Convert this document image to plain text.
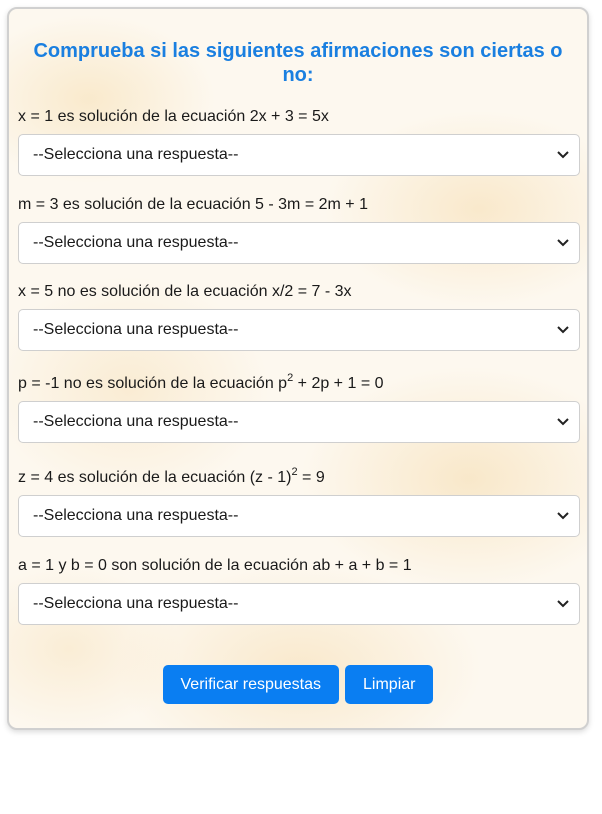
Comprueba si las siguientes afirmaciones son ciertas o no:

x = 1 es solución de la ecuación 2x + 3 = 5x

--Selecciona una respuesta--

m = 3 es solución de la ecuación 5 - 3m = 2m + 1

--Selecciona una respuesta--

x = 5 no es solución de la ecuación x/2 = 7 - 3x

--Selecciona una respuesta--

p = -1 no es solución de la ecuación $p^2 + 2p + 1 = 0$

--Selecciona una respuesta--

z = 4 es solución de la ecuación (z - 1)$^2$ = 9

--Selecciona una respuesta--

a = 1 y b = 0 son solución de la ecuación ab + a + b = 1

--Selecciona una respuesta--
Verificar respuestas	Limpiar
